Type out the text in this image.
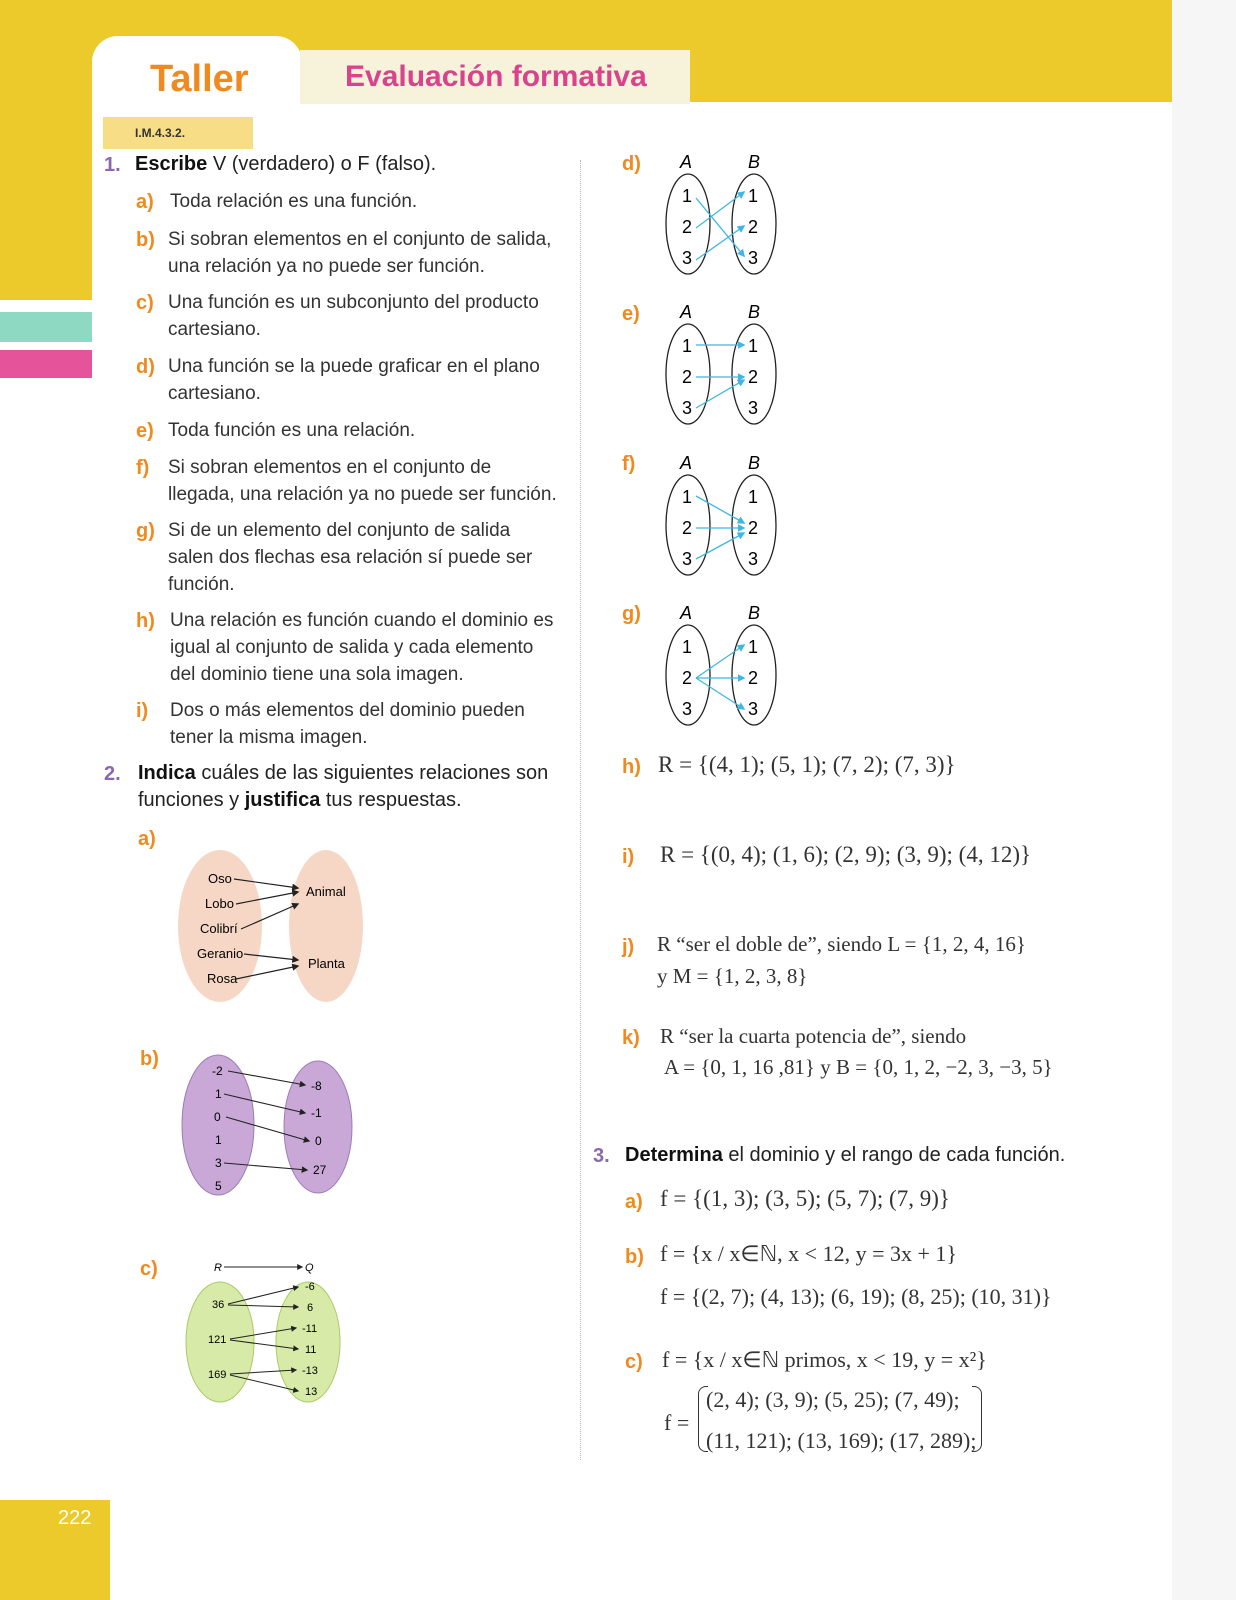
Taller	Evaluación formativa
I.M.4.3.2.
222
1. Escribe V (verdadero) o F (falso).
a) Toda relación es una función.
b) Si sobran elementos en el conjunto de salida, una relación ya no puede ser función.
c) Una función es un subconjunto del producto cartesiano.
d) Una función se la puede graficar en el plano cartesiano.
e) Toda función es una relación.
f) Si sobran elementos en el conjunto de llegada, una relación ya no puede ser función.
g) Si de un elemento del conjunto de salida salen dos flechas esa relación sí puede ser función.
h) Una relación es función cuando el dominio es igual al conjunto de salida y cada elemento del dominio tiene una sola imagen.
i) Dos o más elementos del dominio pueden tener la misma imagen.
2. Indica cuáles de las siguientes relaciones son funciones y justifica tus respuestas.
a)
Oso
Lobo
Colibrí
Geranio
Rosa
Animal
Planta
b)
-2
1
0
1
3
5
-8
-1
0
27
c)	R	Q
36
121
169
-6
6
-11
11
-13
13
d) A	B
1
2
3
1
2
3
e) A	B
1
2
3
1
2
3
f) A	B
1
2
3
1
2
3
g) A	B
1
2
3
1
2
3
h) R = {(4, 1); (5, 1); (7, 2); (7, 3)}
i) R = {(0, 4); (1, 6); (2, 9); (3, 9); (4, 12)}
j) R “ser el doble de”, siendo L = {1, 2, 4, 16}
y M = {1, 2, 3, 8}
k) R “ser la cuarta potencia de”, siendo
A = {0, 1, 16 ,81} y B = {0, 1, 2, −2, 3, −3, 5}
3. Determina el dominio y el rango de cada función.
a) f = {(1, 3); (3, 5); (5, 7); (7, 9)}
b) f = {x / x∈ℕ, x < 12, y = 3x + 1}
f = {(2, 7); (4, 13); (6, 19); (8, 25); (10, 31)}
c) f = {x / x∈ℕ primos, x < 19, y = x²}
f =
(2, 4); (3, 9); (5, 25); (7, 49);
(11, 121); (13, 169); (17, 289);
